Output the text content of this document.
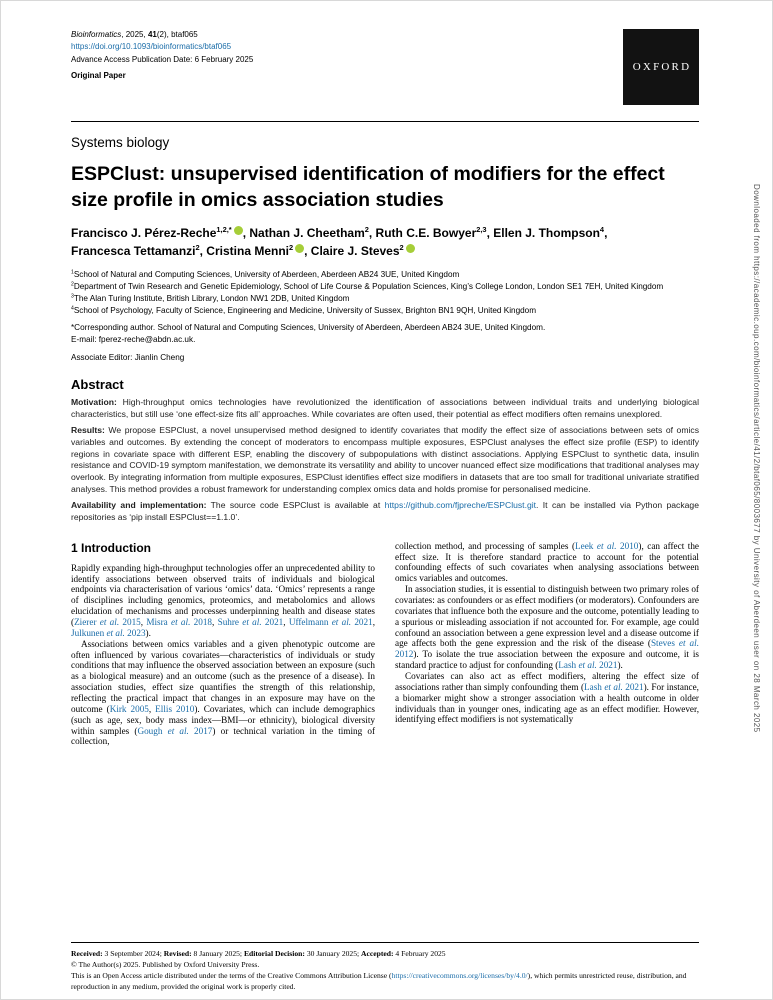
Bioinformatics, 2025, 41(2), btaf065
https://doi.org/10.1093/bioinformatics/btaf065
Advance Access Publication Date: 6 February 2025
Original Paper
OXFORD
Systems biology
ESPClust: unsupervised identification of modifiers for the effect size profile in omics association studies
Francisco J. Pérez-Reche$^{1,2,*}$ , Nathan J. Cheetham$^2$, Ruth C.E. Bowyer$^{2,3}$, Ellen J. Thompson$^4$,
Francesca Tettamanzi$^2$, Cristina Menni$^2$ , Claire J. Steves$^2$
$^1$School of Natural and Computing Sciences, University of Aberdeen, Aberdeen AB24 3UE, United Kingdom
$^2$Department of Twin Research and Genetic Epidemiology, School of Life Course & Population Sciences, King’s College London, London SE1 7EH, United Kingdom
$^3$The Alan Turing Institute, British Library, London NW1 2DB, United Kingdom
$^4$School of Psychology, Faculty of Science, Engineering and Medicine, University of Sussex, Brighton BN1 9QH, United Kingdom
*Corresponding author. School of Natural and Computing Sciences, University of Aberdeen, Aberdeen AB24 3UE, United Kingdom.
E-mail: fperez-reche@abdn.ac.uk.
Associate Editor: Jianlin Cheng
Abstract

Motivation: High-throughput omics technologies have revolutionized the identification of associations between individual traits and underlying biological characteristics, but still use ‘one effect-size fits all’ approaches. While covariates are often used, their potential as effect modifiers often remains unexplored.

Results: We propose ESPClust, a novel unsupervised method designed to identify covariates that modify the effect size of associations between sets of omics variables and outcomes. By extending the concept of moderators to encompass multiple exposures, ESPClust analyses the effect size profile (ESP) to identify regions in covariate space with different ESP, enabling the discovery of subpopulations with distinct associations. Applying ESPClust to synthetic data, insulin resistance and COVID-19 symptom manifestation, we demonstrate its versatility and ability to uncover nuanced effect size modifications that traditional analyses may overlook. By integrating information from multiple exposures, ESPClust identifies effect size modifiers in datasets that are too small for traditional univariate stratified analyses. This method provides a robust framework for understanding complex omics data and holds promise for personalised medicine.

Availability and implementation: The source code ESPClust is available at https://github.com/fjpreche/ESPClust.git. It can be installed via Python package repositories as ‘pip install ESPClust==1.1.0’.

1 Introduction

Rapidly expanding high-throughput technologies offer an unprecedented ability to identify associations between observed traits of individuals and biological endpoints via characterisation of various ‘omics’ data. ‘Omics’ represents a range of disciplines including genomics, proteomics, and metabolomics and allows elucidation of mechanisms and processes underpinning health and disease states (Zierer et al. 2015, Misra et al. 2018, Suhre et al. 2021, Uffelmann et al. 2021, Julkunen et al. 2023).

Associations between omics variables and a given phenotypic outcome are often influenced by various covariates—characteristics of individuals or study conditions that may influence the observed association between an exposure (such as a biological measure) and an outcome (such as the presence of a disease). In association studies, effect size quantifies the strength of this relationship, reflecting the practical impact that changes in an exposure may have on the outcome (Kirk 2005, Ellis 2010). Covariates, which can include demographics (such as age, sex, body mass index—BMI—or ethnicity), biological diversity within samples (Gough et al. 2017) or technical variation in the timing of collection,

collection method, and processing of samples (Leek et al. 2010), can affect the effect size. It is therefore standard practice to account for the potential confounding effects of such covariates when analysing associations between omics variables and outcomes.

In association studies, it is essential to distinguish between two primary roles of covariates: as confounders or as effect modifiers (or moderators). Confounders are covariates that influence both the exposure and the outcome, potentially leading to a spurious or misleading association if not accounted for. For example, age could confound an association between a gene expression level and a disease outcome if age affects both the gene expression and the risk of the disease (Steves et al. 2012). To isolate the true association between the exposure and outcome, it is standard practice to adjust for confounding (Lash et al. 2021).

Covariates can also act as effect modifiers, altering the effect size of associations rather than simply confounding them (Lash et al. 2021). For instance, a biomarker might show a stronger association with a health outcome in older individuals than in younger ones, indicating age as an effect modifier. However, identifying effect modifiers is not systematically

Received: 3 September 2024; Revised: 8 January 2025; Editorial Decision: 30 January 2025; Accepted: 4 February 2025
© The Author(s) 2025. Published by Oxford University Press.
This is an Open Access article distributed under the terms of the Creative Commons Attribution License (https://creativecommons.org/licenses/by/4.0/), which permits unrestricted reuse, distribution, and reproduction in any medium, provided the original work is properly cited.
Downloaded from https://academic.oup.com/bioinformatics/article/41/2/btaf065/8003677 by University of Aberdeen user on 28 March 2025
